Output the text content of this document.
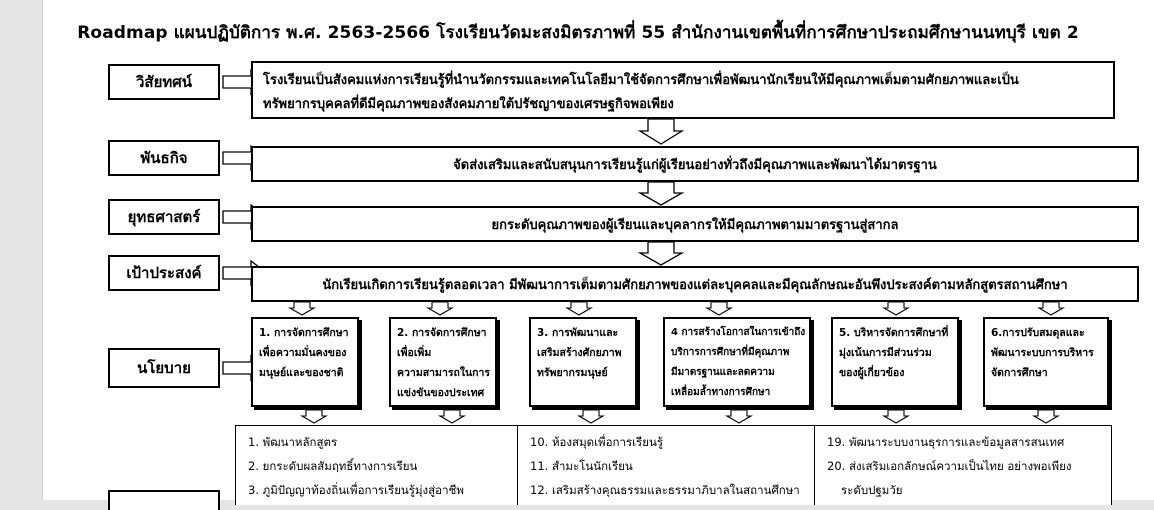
Roadmap แผนปฏิบัติการ พ.ศ. 2563-2566 โรงเรียนวัดมะสงมิตรภาพที่ 55 สำนักงานเขตพื้นที่การศึกษาประถมศึกษานนทบุรี เขต 2
วิสัยทศน์
พันธกิจ
ยุทธศาสตร์
เป้าประสงค์
นโยบาย
โรงเรียนเป็นสังคมแห่งการเรียนรู้ที่นำนวัตกรรมและเทคโนโลยีมาใช้จัดการศึกษาเพื่อพัฒนานักเรียนให้มีคุณภาพเต็มตามศักยภาพและเป็น
ทรัพยากรบุคคลที่ดีมีคุณภาพของสังคมภายใต้ปรัชญาของเศรษฐกิจพอเพียง
จัดส่งเสริมและสนับสนุนการเรียนรู้แก่ผู้เรียนอย่างทั่วถึงมีคุณภาพและพัฒนาได้มาตรฐาน
ยกระดับคุณภาพของผู้เรียนและบุคลากรให้มีคุณภาพตามมาตรฐานสู่สากล
นักเรียนเกิดการเรียนรู้ตลอดเวลา มีพัฒนาการเต็มตามศักยภาพของแต่ละบุคคลและมีคุณลักษณะอันพึงประสงค์ตามหลักสูตรสถานศึกษา
1. การจัดการศึกษา
เพื่อความมั่นคงของ
มนุษย์และของชาติ
2. การจัดการศึกษา
เพื่อเพิ่ม
ความสามารถในการ
แข่งขันของประเทศ
3. การพัฒนาและ
เสริมสร้างศักยภาพ
ทรัพยากรมนุษย์
4 การสร้างโอกาสในการเข้าถึง
บริการการศึกษาที่มีคุณภาพ
มีมาตรฐานและลดความ
เหลื่อมล้ำทางการศึกษา
5. บริหารจัดการศึกษาที่
มุ่งเน้นการมีส่วนร่วม
ของผู้เกี่ยวข้อง
6.การปรับสมดุลและ
พัฒนาระบบการบริหาร
จัดการศึกษา
1. พัฒนาหลักสูตร
2. ยกระดับผลสัมฤทธิ์ทางการเรียน
3. ภูมิปัญญาท้องถิ่นเพื่อการเรียนรู้มุ่งสู่อาชีพ
10. ห้องสมุดเพื่อการเรียนรู้
11. สำมะโนนักเรียน
12. เสริมสร้างคุณธรรมและธรรมาภิบาลในสถานศึกษา
19. พัฒนาระบบงานธุรการและข้อมูลสารสนเทศ
20. ส่งเสริมเอกลักษณ์ความเป็นไทย อย่างพอเพียง
ระดับปฐมวัย
